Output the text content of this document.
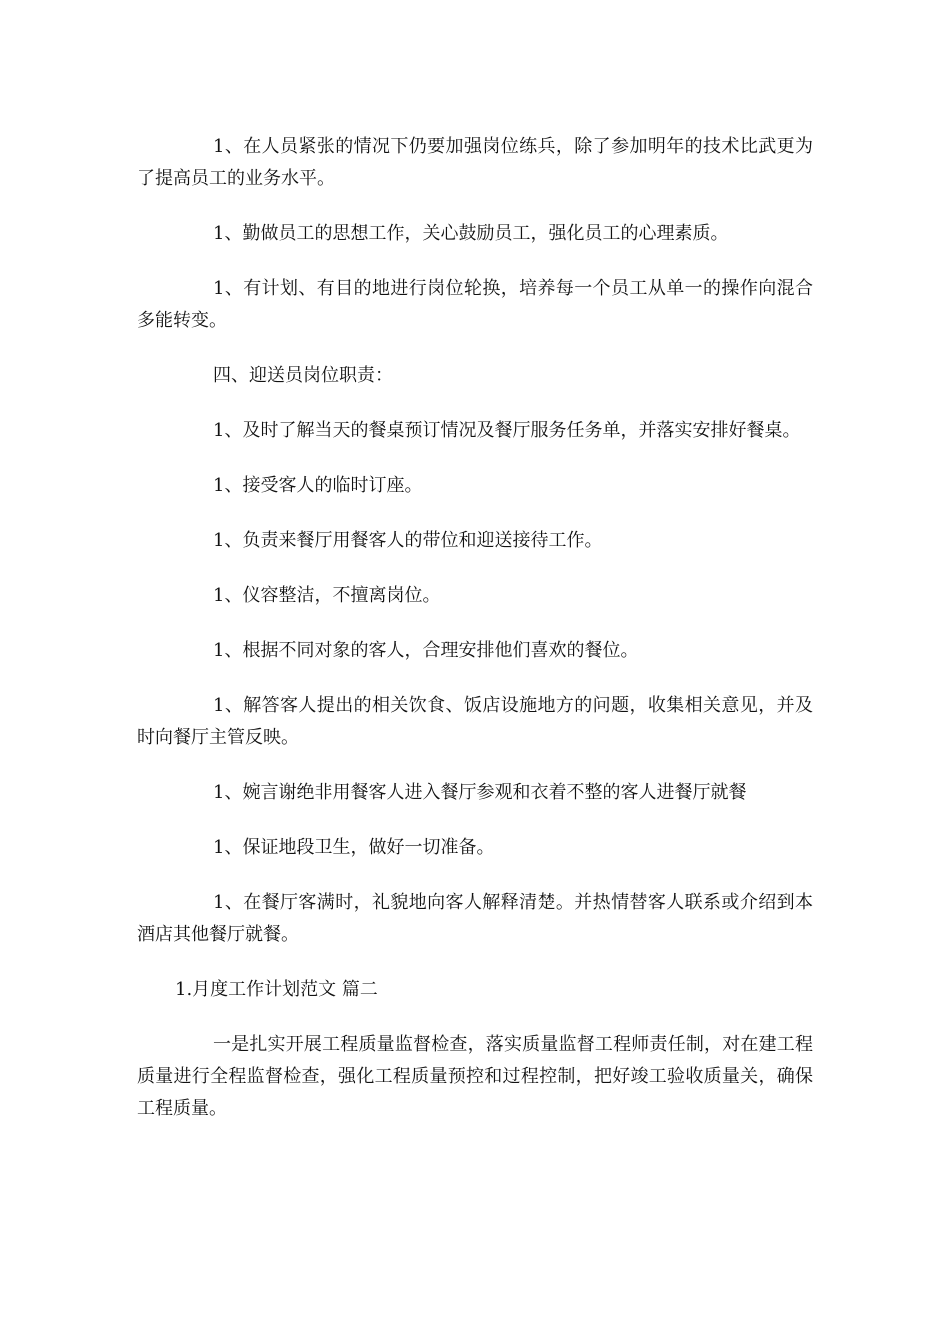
1、在人员紧张的情况下仍要加强岗位练兵，除了参加明年的技术比武更为了提高员工的业务水平。

1、勤做员工的思想工作，关心鼓励员工，强化员工的心理素质。

1、有计划、有目的地进行岗位轮换，培养每一个员工从单一的操作向混合多能转变。

四、迎送员岗位职责：

1、及时了解当天的餐桌预订情况及餐厅服务任务单，并落实安排好餐桌。

1、接受客人的临时订座。

1、负责来餐厅用餐客人的带位和迎送接待工作。

1、仪容整洁，不擅离岗位。

1、根据不同对象的客人，合理安排他们喜欢的餐位。

1、解答客人提出的相关饮食、饭店设施地方的问题，收集相关意见，并及时向餐厅主管反映。

1、婉言谢绝非用餐客人进入餐厅参观和衣着不整的客人进餐厅就餐

1、保证地段卫生，做好一切准备。

1、在餐厅客满时，礼貌地向客人解释清楚。并热情替客人联系或介绍到本酒店其他餐厅就餐。

1.月度工作计划范文 篇二

一是扎实开展工程质量监督检查，落实质量监督工程师责任制，对在建工程质量进行全程监督检查，强化工程质量预控和过程控制，把好竣工验收质量关，确保工程质量。
